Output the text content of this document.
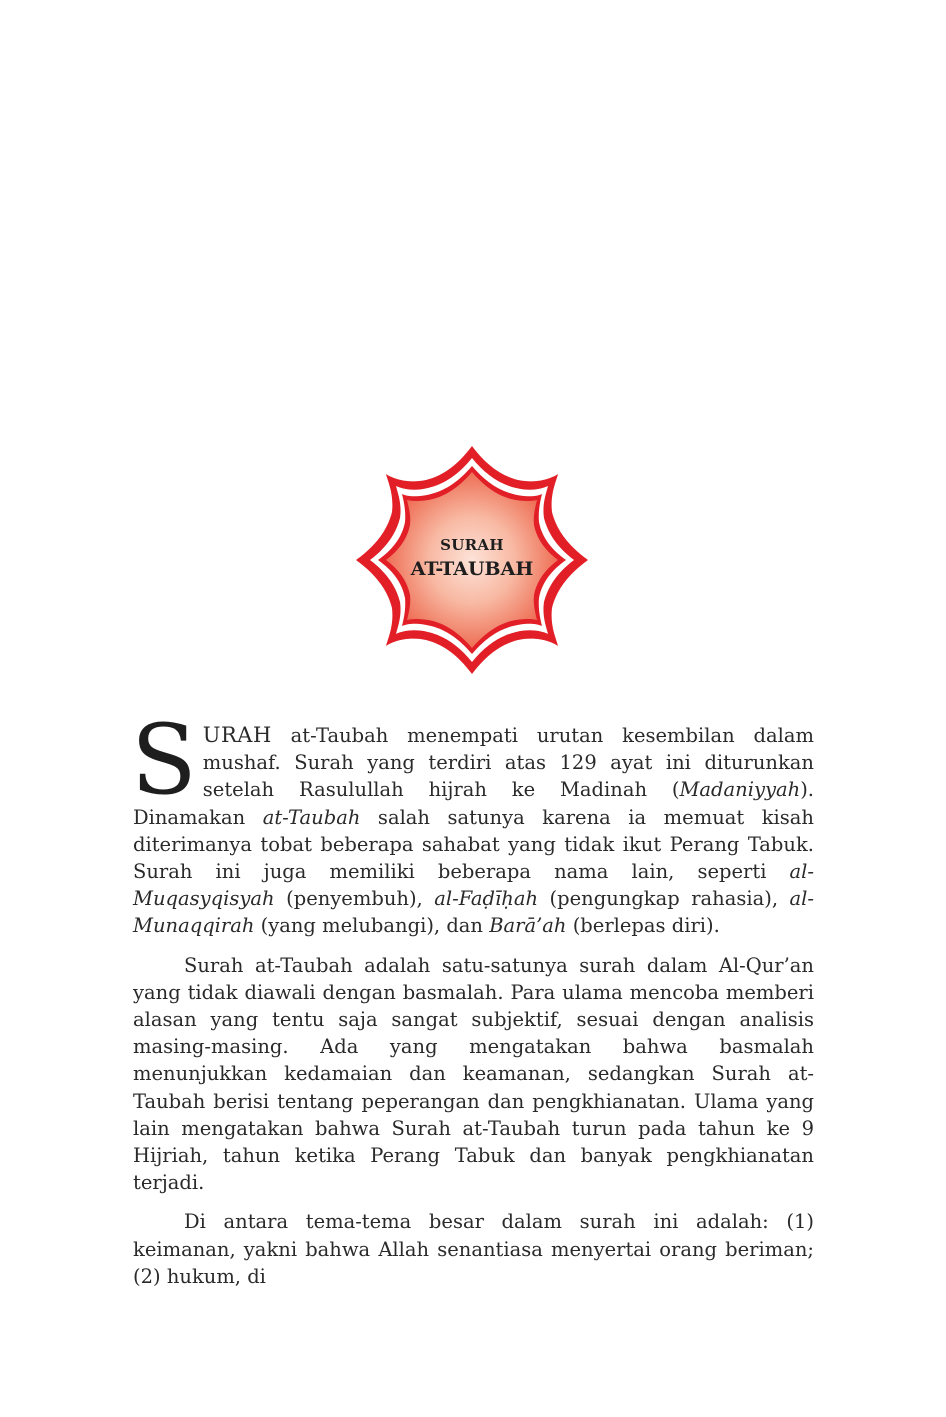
SURAH
AT-TAUBAH

SURAH at-Taubah menempati urutan kesembilan dalam mushaf. Surah yang terdiri atas 129 ayat ini diturunkan setelah Rasulullah hijrah ke Madinah (Madaniyyah). Dinamakan at-Taubah salah satunya karena ia memuat kisah diterimanya tobat beberapa sahabat yang tidak ikut Perang Tabuk. Surah ini juga memiliki beberapa nama lain, seperti al-Muqasyqisyah (penyembuh), al-Faḍīḥah (pengungkap rahasia), al-Munaqqirah (yang melubangi), dan Barā’ah (berlepas diri).

Surah at-Taubah adalah satu-satunya surah dalam Al-Qur’an yang tidak diawali dengan basmalah. Para ulama mencoba memberi alasan yang tentu saja sangat subjektif, sesuai dengan analisis masing-masing. Ada yang mengatakan bahwa basmalah menunjukkan kedamaian dan keamanan, sedangkan Surah at-Taubah berisi tentang peperangan dan pengkhianatan. Ulama yang lain mengatakan bahwa Surah at-Taubah turun pada tahun ke 9 Hijriah, tahun ketika Perang Tabuk dan banyak pengkhianatan terjadi.

Di antara tema-tema besar dalam surah ini adalah: (1) keimanan, yakni bahwa Allah senantiasa menyertai orang beriman; (2) hukum, di
